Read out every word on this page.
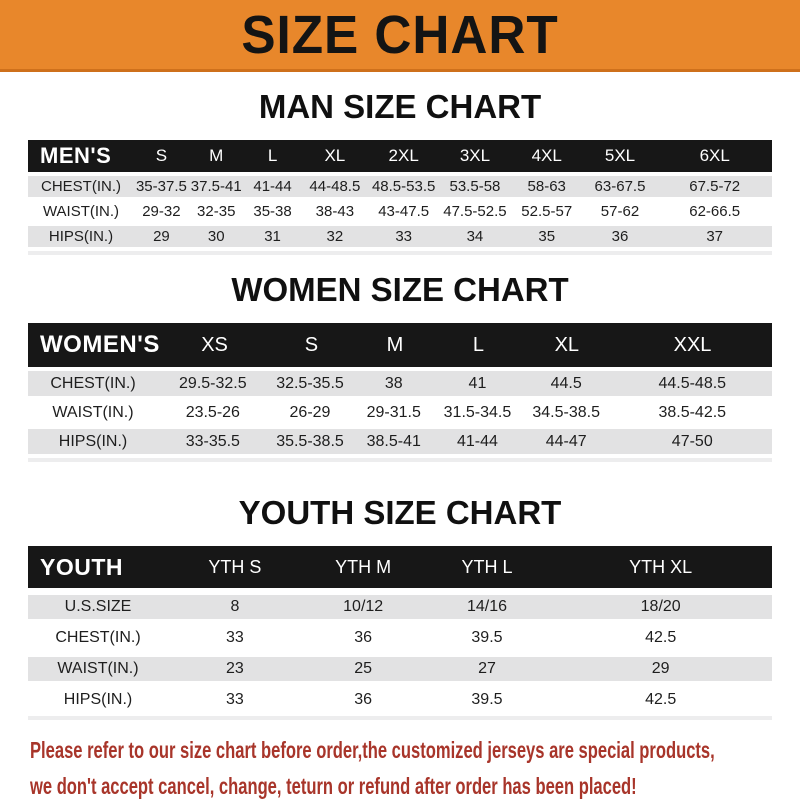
SIZE CHART
MAN SIZE CHART
MEN'S	S	M	L	XL	2XL	3XL	4XL	5XL	6XL
CHEST(IN.) 35-37.5 37.5-41 41-44	44-48.5 48.5-53.5 53.5-58	58-63	63-67.5	67.5-72
WAIST(IN.)	29-32	32-35	35-38	38-43	43-47.5 47.5-52.5 52.5-57	57-62	62-66.5
HIPS(IN.)	29	30	31	32	33	34	35	36	37
WOMEN SIZE CHART
WOMEN'S	XS	S	M	L	XL	XXL
CHEST(IN.)	29.5-32.5	32.5-35.5	38	41	44.5	44.5-48.5
WAIST(IN.)	23.5-26	26-29	29-31.5	31.5-34.5	34.5-38.5	38.5-42.5
HIPS(IN.)	33-35.5	35.5-38.5	38.5-41	41-44	44-47	47-50
YOUTH SIZE CHART
YOUTH	YTH S	YTH M	YTH L	YTH XL
U.S.SIZE	8	10/12	14/16	18/20
CHEST(IN.)	33	36	39.5	42.5
WAIST(IN.)	23	25	27	29
HIPS(IN.)	33	36	39.5	42.5

Please refer to our size chart before order,the customized jerseys are special products,

we don't accept cancel, change, teturn or refund after order has been placed!
